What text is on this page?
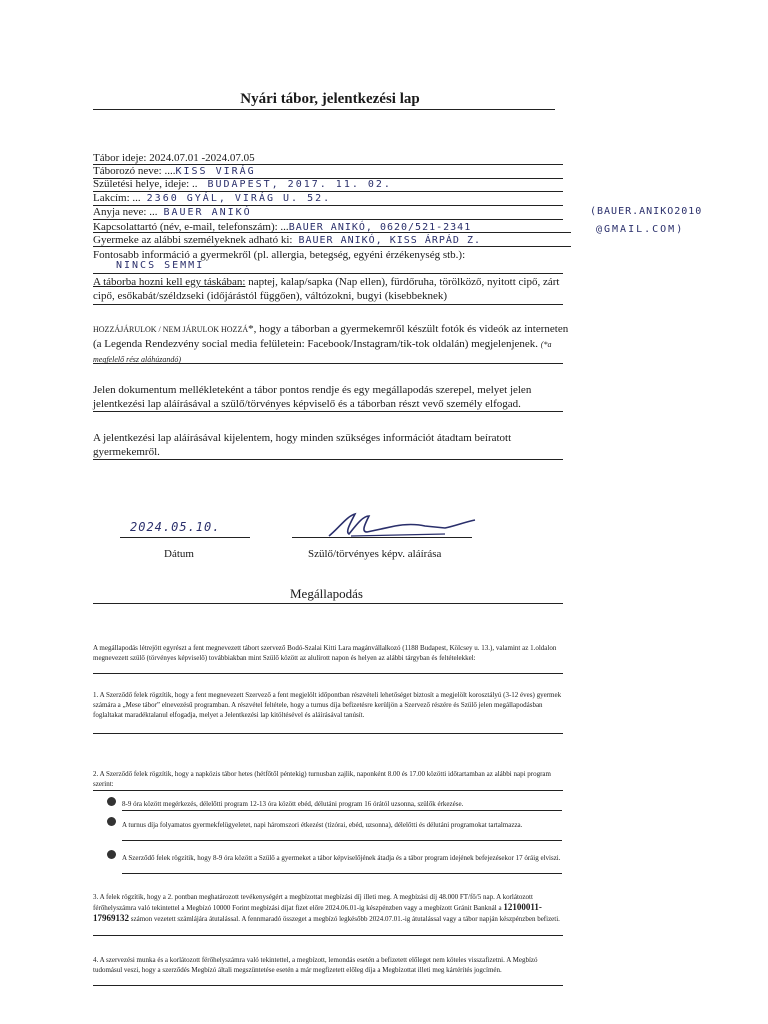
Nyári tábor, jelentkezési lap
Tábor ideje: 2024.07.01 -2024.07.05
Táborozó neve: ....KISS VIRÁG
Születési helye, ideje: .. BUDAPEST, 2017. 11. 02.
Lakcím: ... 2360 GYÁL, VIRÁG U. 52.
Anyja neve: ... BAUER ANIKÓ
Kapcsolattartó (név, e-mail, telefonszám): ...BAUER ANIKÓ, 0620/521-2341
(BAUER.ANIKO2010
@GMAIL.COM)
Gyermeke az alábbi személyeknek adható ki: BAUER ANIKÓ, KISS ÁRPÁD Z.
Fontosabb információ a gyermekről (pl. allergia, betegség, egyéni érzékenység stb.):
NINCS SEMMI
A táborba hozni kell egy táskában: naptej, kalap/sapka (Nap ellen), fürdőruha, törölköző, nyitott cipő, zárt cipő, esőkabát/széldzseki (időjárástól függően), váltózokni, bugyi (kisebbeknek)
HOZZÁJÁRULOK / NEM JÁRULOK HOZZÁ*, hogy a táborban a gyermekemről készült fotók és videók az interneten (a Legenda Rendezvény social media felületein: Facebook/Instagram/tik-tok oldalán) megjelenjenek. (*a megfelelő rész aláhúzandó)
Jelen dokumentum mellékleteként a tábor pontos rendje és egy megállapodás szerepel, melyet jelen jelentkezési lap aláírásával a szülő/törvényes képviselő és a táborban részt vevő személy elfogad.
A jelentkezési lap aláírásával kijelentem, hogy minden szükséges információt átadtam beíratott gyermekemről.
2024.05.10.
Dátum	Szülő/törvényes képv. aláírása
Megállapodás
A megállapodás létrejött egyrészt a fent megnevezett tábort szervező Bodó-Szalai Kitti Lara magánvállalkozó (1188 Budapest, Kölcsey u. 13.), valamint az 1.oldalon megnevezett szülő (törvényes képviselő) továbbiakban mint Szülő között az alulírott napon és helyen az alábbi tárgyban és feltételekkel:
1. A Szerződő felek rögzítik, hogy a fent megnevezett Szervező a fent megjelölt időpontban részvételi lehetőséget biztosít a megjelölt korosztályú (3-12 éves) gyermek számára a „Mese tábor” elnevezésű programban. A részvétel feltétele, hogy a turnus díja befizetésre kerüljön a Szervező részére és Szülő jelen megállapodásban foglaltakat maradéktalanul elfogadja, melyet a Jelentkezési lap kitöltésével és aláírásával tanúsít.
2. A Szerződő felek rögzítik, hogy a napközis tábor hetes (hétfőtől péntekig) turnusban zajlik, naponként 8.00 és 17.00 közötti időtartamban az alábbi napi program szerint:
8-9 óra között megérkezés, délelőtti program 12-13 óra között ebéd, délutáni program 16 órától uzsonna, szülők érkezése.
A turnus díja folyamatos gyermekfelügyeletet, napi háromszori étkezést (tízórai, ebéd, uzsonna), délelőtti és délutáni programokat tartalmazza.
A Szerződő felek rögzítik, hogy 8-9 óra között a Szülő a gyermeket a tábor képviselőjének átadja és a tábor program idejének befejezésekor 17 óráig elviszi.
3. A felek rögzítik, hogy a 2. pontban meghatározott tevékenységért a megbízottat megbízási díj illeti meg. A megbízási díj 48.000 FT/fő/5 nap. A korlátozott férőhelyszámra való tekintettel a Megbízó 10000 Forint megbízási díjat fizet előre 2024.06.01-ig készpénzben vagy a megbízott Gránit Banknál a 12100011-17969132 számon vezetett számlájára átutalással. A fennmaradó összeget a megbízó legkésőbb 2024.07.01.-ig átutalással vagy a tábor napján készpénzben befizeti.
4. A szervezési munka és a korlátozott férőhelyszámra való tekintettel, a megbízott, lemondás esetén a befizetett előleget nem köteles visszafizetni. A Megbízó tudomásul veszi, hogy a szerződés Megbízó általi megszüntetése esetén a már megfizetett előleg díja a Megbízottat illeti meg kártérítés jogcímén.
